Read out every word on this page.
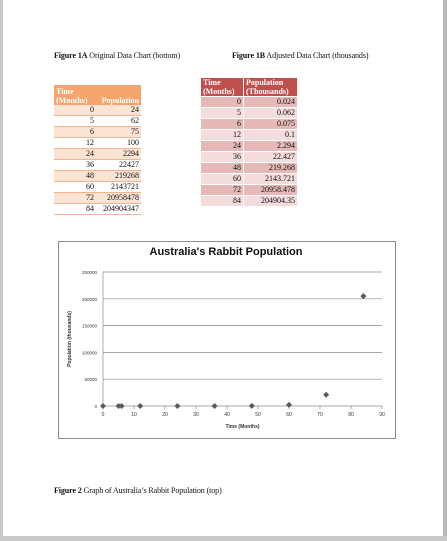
Figure 1A Original Data Chart (bottom)	Figure 1B Adjusted Data Chart (thousands)
Time (Months)	Population
0	24
5	62
6	75
12	100
24	2294
36	22427
48	219268
60	2143721
72	20958478
84	204904347
Time (Months)	Population (Thousands)
0	0.024
5	0.062
6	0.075
12	0.1
24	2.294
36	22.427
48	219.268
60	2143.721
72	20958.478
84	204904.35
Australia's Rabbit Population
0
50000
100000
150000
200000
250000
0	10	20	30	40	50	60	70	80	90
Time (Months)
Population (thousands)
Figure 2 Graph of Australia’s Rabbit Population (top)
